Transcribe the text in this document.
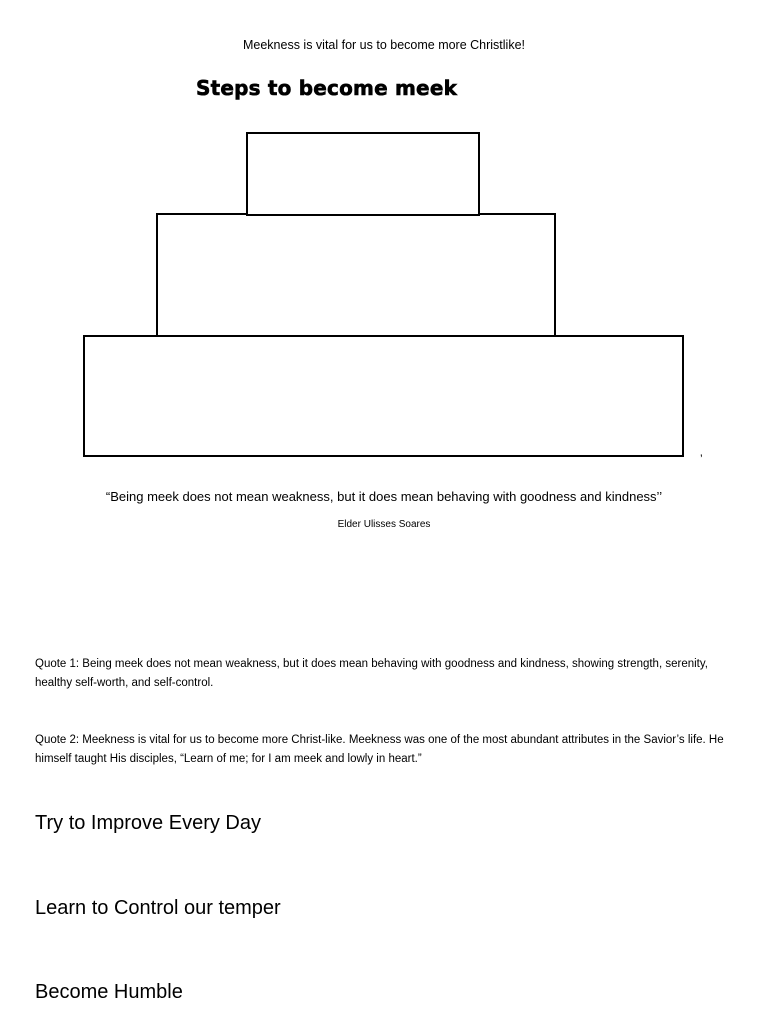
Meekness is vital for us to become more Christlike!
Steps to become meek
’
“Being meek does not mean weakness, but it does mean behaving with goodness and kindness’’
Elder Ulisses Soares
Quote 1: Being meek does not mean weakness, but it does mean behaving with goodness and kindness, showing strength, serenity, healthy self-worth, and self-control.
Quote 2: Meekness is vital for us to become more Christ-like. Meekness was one of the most abundant attributes in the Savior’s life. He himself taught His disciples, “Learn of me; for I am meek and lowly in heart.”
Try to Improve Every Day
Learn to Control our temper
Become Humble
